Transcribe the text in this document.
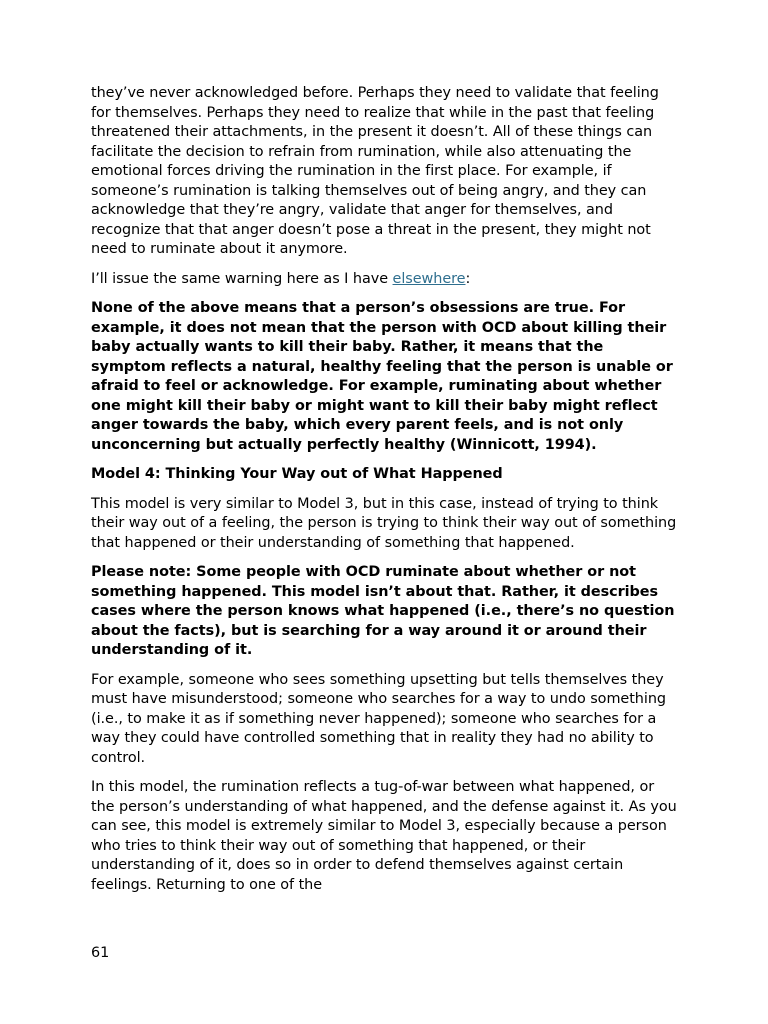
they’ve never acknowledged before. Perhaps they need to validate that feeling for themselves. Perhaps they need to realize that while in the past that feeling threatened their attachments, in the present it doesn’t. All of these things can facilitate the decision to refrain from rumination, while also attenuating the emotional forces driving the rumination in the first place. For example, if someone’s rumination is talking themselves out of being angry, and they can acknowledge that they’re angry, validate that anger for themselves, and recognize that that anger doesn’t pose a threat in the present, they might not need to ruminate about it anymore.

I’ll issue the same warning here as I have elsewhere:

None of the above means that a person’s obsessions are true. For example, it does not mean that the person with OCD about killing their baby actually wants to kill their baby. Rather, it means that the symptom reflects a natural, healthy feeling that the person is unable or afraid to feel or acknowledge. For example, ruminating about whether one might kill their baby or might want to kill their baby might reflect anger towards the baby, which every parent feels, and is not only unconcerning but actually perfectly healthy (Winnicott, 1994).

Model 4: Thinking Your Way out of What Happened

This model is very similar to Model 3, but in this case, instead of trying to think their way out of a feeling, the person is trying to think their way out of something that happened or their understanding of something that happened.

Please note: Some people with OCD ruminate about whether or not something happened. This model isn’t about that. Rather, it describes cases where the person knows what happened (i.e., there’s no question about the facts), but is searching for a way around it or around their understanding of it.

For example, someone who sees something upsetting but tells themselves they must have misunderstood; someone who searches for a way to undo something (i.e., to make it as if something never happened); someone who searches for a way they could have controlled something that in reality they had no ability to control.

In this model, the rumination reflects a tug-of-war between what happened, or the person’s understanding of what happened, and the defense against it. As you can see, this model is extremely similar to Model 3, especially because a person who tries to think their way out of something that happened, or their understanding of it, does so in order to defend themselves against certain feelings. Returning to one of the

61
